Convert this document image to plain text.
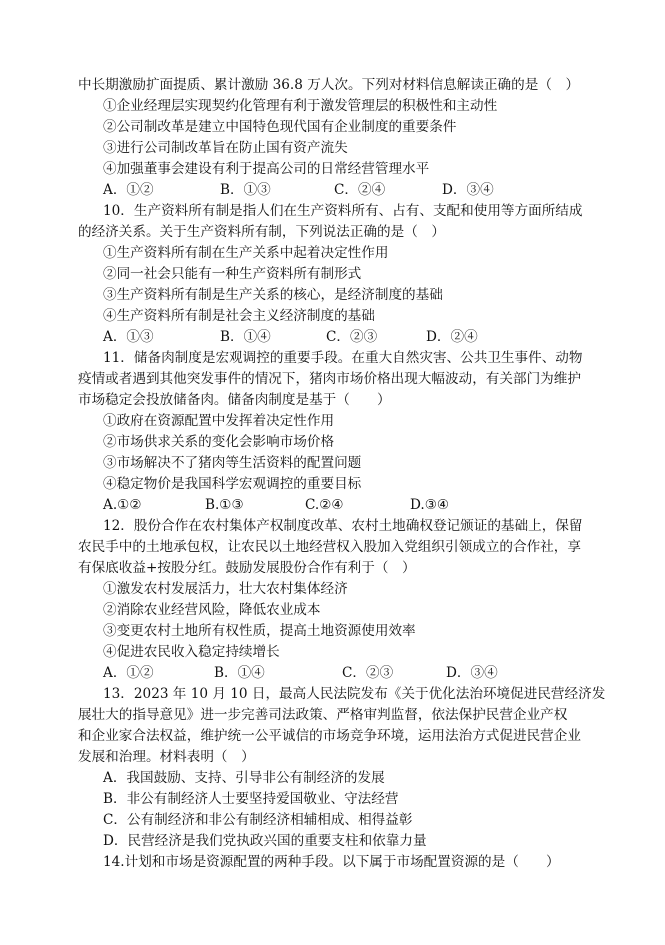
中长期激励扩面提质、累计激励 36.8 万人次。下列对材料信息解读正确的是（　）
①企业经理层实现契约化管理有利于激发管理层的积极性和主动性
②公司制改革是建立中国特色现代国有企业制度的重要条件
③进行公司制改革旨在防止国有资产流失
④加强董事会建设有利于提高公司的日常经营管理水平
A．①②	B．①③	C．②④	D．③④
10．生产资料所有制是指人们在生产资料所有、占有、支配和使用等方面所结成
的经济关系。关于生产资料所有制，下列说法正确的是（　）
①生产资料所有制在生产关系中起着决定性作用
②同一社会只能有一种生产资料所有制形式
③生产资料所有制是生产关系的核心，是经济制度的基础
④生产资料所有制是社会主义经济制度的基础
A．①③	B．①④	C．②③	D．②④
11．储备肉制度是宏观调控的重要手段。在重大自然灾害、公共卫生事件、动物
疫情或者遇到其他突发事件的情况下，猪肉市场价格出现大幅波动，有关部门为维护
市场稳定会投放储备肉。储备肉制度是基于（　　）
①政府在资源配置中发挥着决定性作用
②市场供求关系的变化会影响市场价格
③市场解决不了猪肉等生活资料的配置问题
④稳定物价是我国科学宏观调控的重要目标
A.①②	B.①③	C.②④	D.③④
12．股份合作在农村集体产权制度改革、农村土地确权登记颁证的基础上，保留
农民手中的土地承包权，让农民以土地经营权入股加入党组织引领成立的合作社，享
有保底收益+按股分红。鼓励发展股份合作有利于（　）
①激发农村发展活力，壮大农村集体经济
②消除农业经营风险，降低农业成本
③变更农村土地所有权性质，提高土地资源使用效率
④促进农民收入稳定持续增长
A．①②	B．①④	C．②③	D．③④
13．2023 年 10 月 10 日，最高人民法院发布《关于优化法治环境促进民营经济发
展壮大的指导意见》进一步完善司法政策、严格审判监督，依法保护民营企业产权
和企业家合法权益，维护统一公平诚信的市场竞争环境，运用法治方式促进民营企业
发展和治理。材料表明（　）
A．我国鼓励、支持、引导非公有制经济的发展
B．非公有制经济人士要坚持爱国敬业、守法经营
C．公有制经济和非公有制经济相辅相成、相得益彰
D．民营经济是我们党执政兴国的重要支柱和依靠力量
14.计划和市场是资源配置的两种手段。以下属于市场配置资源的是（　　）
